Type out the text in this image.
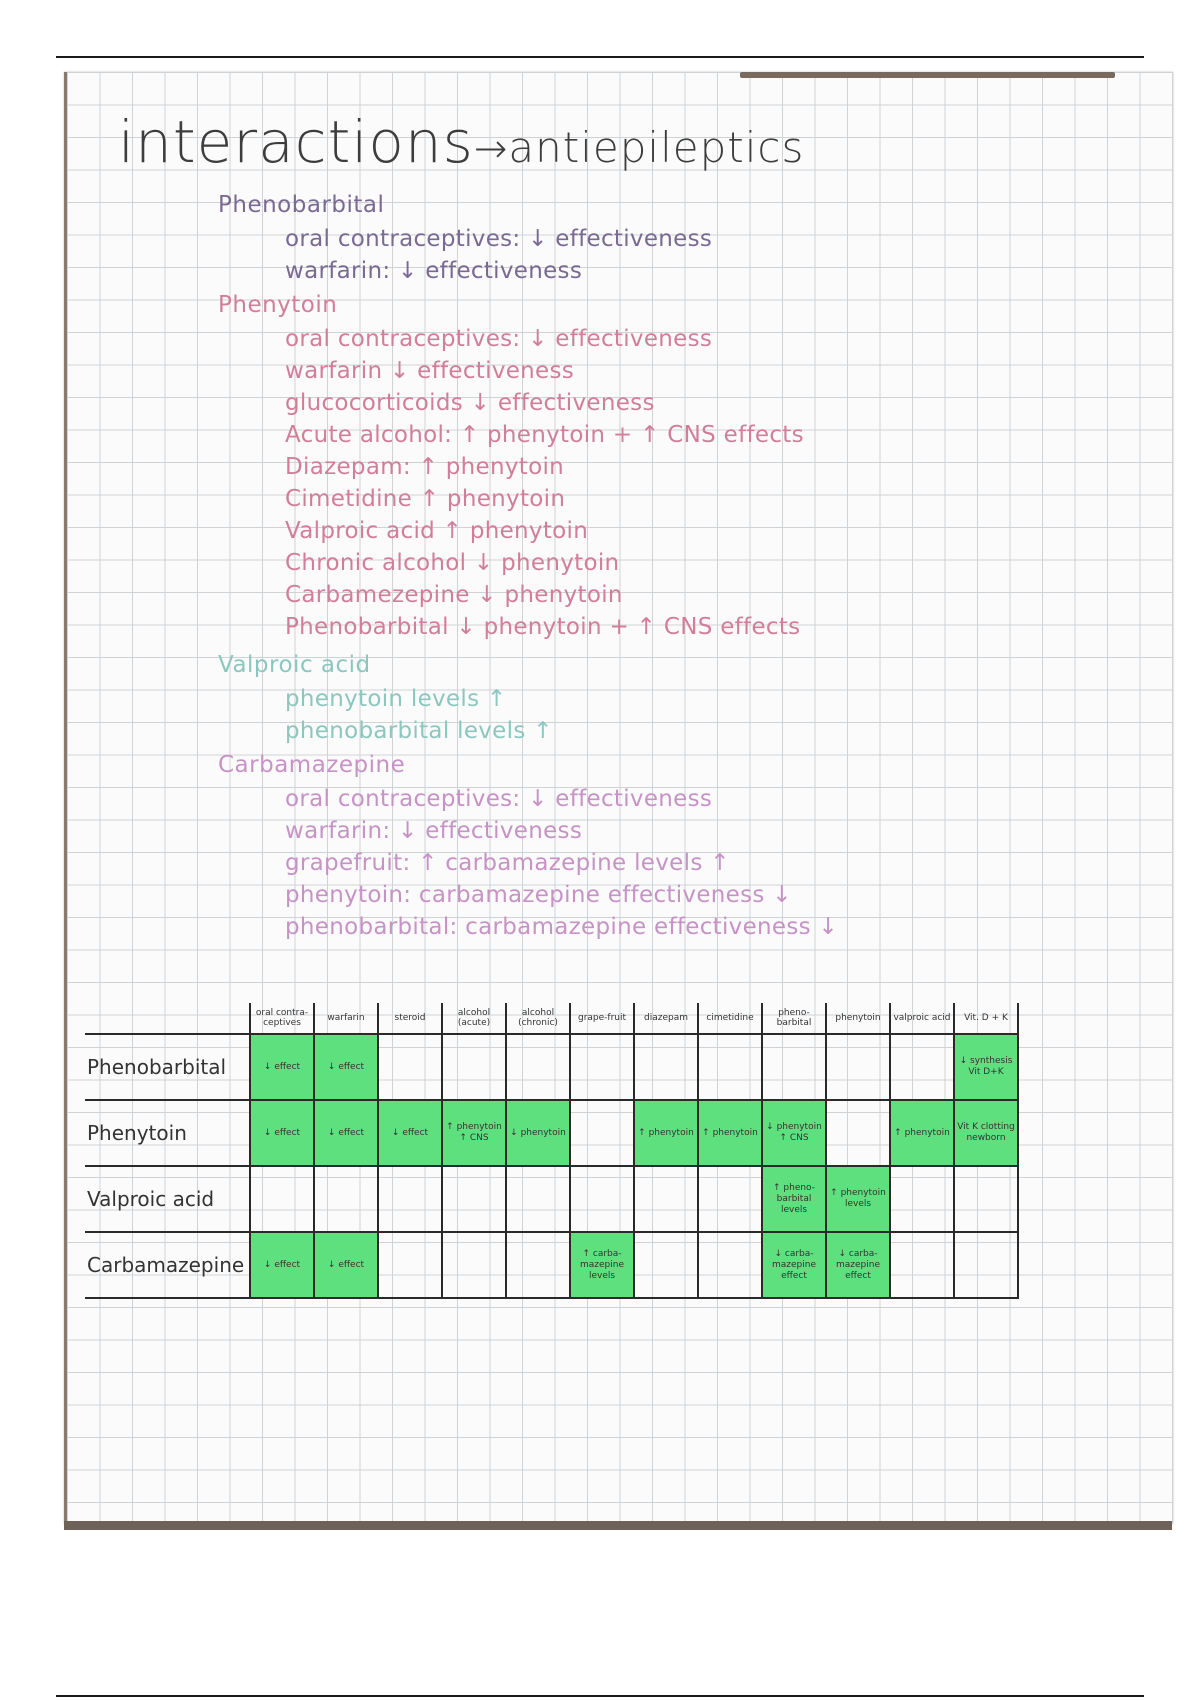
interactions→antiepileptics
Phenobarbital
oral contraceptives: ↓ effectiveness
warfarin: ↓ effectiveness
Phenytoin
oral contraceptives: ↓ effectiveness
warfarin ↓ effectiveness
glucocorticoids ↓ effectiveness
Acute alcohol: ↑ phenytoin + ↑ CNS effects
Diazepam: ↑ phenytoin
Cimetidine ↑ phenytoin
Valproic acid ↑ phenytoin
Chronic alcohol ↓ phenytoin
Carbamezepine ↓ phenytoin
Phenobarbital ↓ phenytoin + ↑ CNS effects
Valproic acid
phenytoin levels ↑
phenobarbital levels ↑
Carbamazepine
oral contraceptives: ↓ effectiveness
warfarin: ↓ effectiveness
grapefruit: ↑ carbamazepine levels ↑
phenytoin: carbamazepine effectiveness ↓
phenobarbital: carbamazepine effectiveness ↓
	oral contra-ceptives	warfarin	steroid	alcohol (acute)	alcohol (chronic)	grape-fruit	diazepam	cimetidine	pheno-barbital	phenytoin	valproic acid	Vit. D + K
Phenobarbital	↓ effect	↓ effect										↓ synthesis Vit D+K
Phenytoin	↓ effect	↓ effect	↓ effect	↑ phenytoin ↑ CNS	↓ phenytoin		↑ phenytoin	↑ phenytoin	↓ phenytoin ↑ CNS		↑ phenytoin	Vit K clotting newborn
Valproic acid									↑ pheno-barbital levels	↑ phenytoin levels		
Carbamazepine	↓ effect	↓ effect				↑ carba-mazepine levels			↓ carba-mazepine effect	↓ carba-mazepine effect		
